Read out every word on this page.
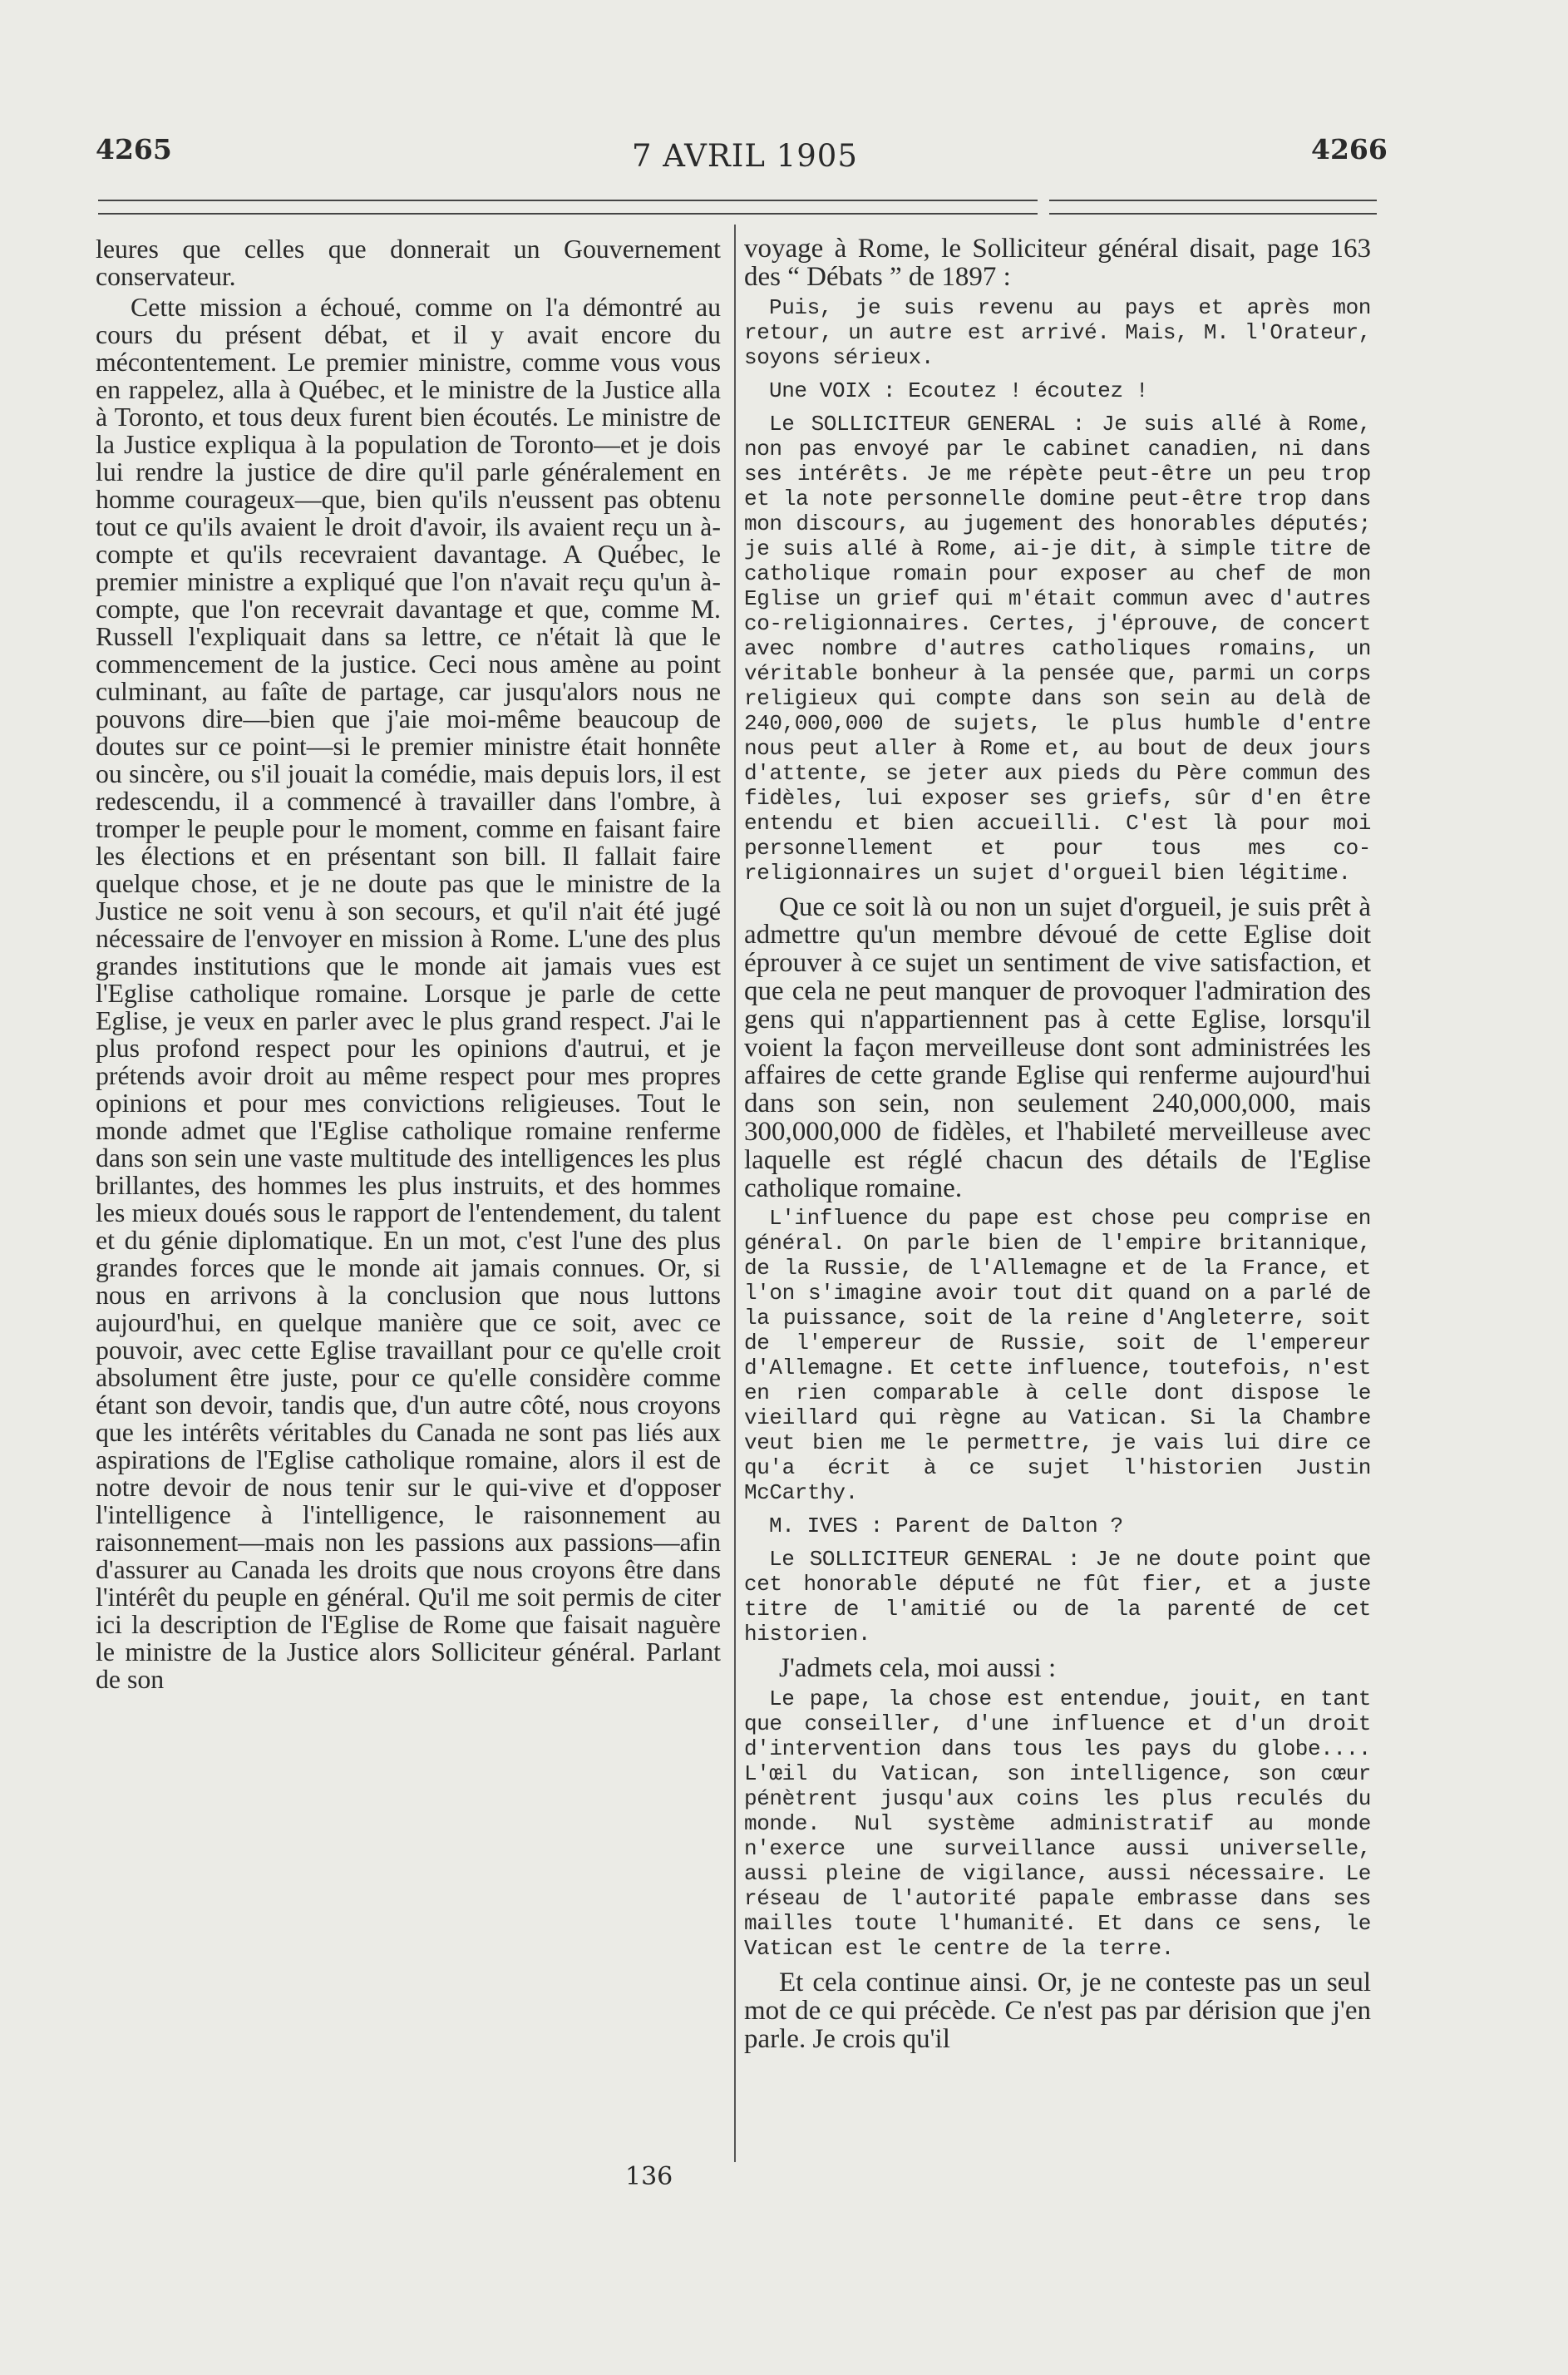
4265	7 AVRIL 1905	4266

leures que celles que donnerait un Gouvernement conservateur.

Cette mission a échoué, comme on l'a démontré au cours du présent débat, et il y avait encore du mécontentement. Le premier ministre, comme vous vous en rappelez, alla à Québec, et le ministre de la Justice alla à Toronto, et tous deux furent bien écoutés. Le ministre de la Justice expliqua à la population de Toronto—et je dois lui rendre la justice de dire qu'il parle généralement en homme courageux—que, bien qu'ils n'eussent pas obtenu tout ce qu'ils avaient le droit d'avoir, ils avaient reçu un à-compte et qu'ils recevraient davantage. A Québec, le premier ministre a expliqué que l'on n'avait reçu qu'un à-compte, que l'on recevrait davantage et que, comme M. Russell l'expliquait dans sa lettre, ce n'était là que le commencement de la justice. Ceci nous amène au point culminant, au faîte de partage, car jusqu'alors nous ne pouvons dire—bien que j'aie moi-même beaucoup de doutes sur ce point—si le premier ministre était honnête ou sincère, ou s'il jouait la comédie, mais depuis lors, il est redescendu, il a commencé à travailler dans l'ombre, à tromper le peuple pour le moment, comme en faisant faire les élections et en présentant son bill. Il fallait faire quelque chose, et je ne doute pas que le ministre de la Justice ne soit venu à son secours, et qu'il n'ait été jugé nécessaire de l'envoyer en mission à Rome. L'une des plus grandes institutions que le monde ait jamais vues est l'Eglise catholique romaine. Lorsque je parle de cette Eglise, je veux en parler avec le plus grand respect. J'ai le plus profond respect pour les opinions d'autrui, et je prétends avoir droit au même respect pour mes propres opinions et pour mes convictions religieuses. Tout le monde admet que l'Eglise catholique romaine renferme dans son sein une vaste multitude des intelligences les plus brillantes, des hommes les plus instruits, et des hommes les mieux doués sous le rapport de l'entendement, du talent et du génie diplomatique. En un mot, c'est l'une des plus grandes forces que le monde ait jamais connues. Or, si nous en arrivons à la conclusion que nous luttons aujourd'hui, en quelque manière que ce soit, avec ce pouvoir, avec cette Eglise travaillant pour ce qu'elle croit absolument être juste, pour ce qu'elle considère comme étant son devoir, tandis que, d'un autre côté, nous croyons que les intérêts véritables du Canada ne sont pas liés aux aspirations de l'Eglise catholique romaine, alors il est de notre devoir de nous tenir sur le qui-vive et d'opposer l'intelligence à l'intelligence, le raisonnement au raisonnement—mais non les passions aux passions—afin d'assurer au Canada les droits que nous croyons être dans l'intérêt du peuple en général. Qu'il me soit permis de citer ici la description de l'Eglise de Rome que faisait naguère le ministre de la Justice alors Solliciteur général. Parlant de son

voyage à Rome, le Solliciteur général disait, page 163 des “ Débats ” de 1897 :

Puis, je suis revenu au pays et après mon retour, un autre est arrivé. Mais, M. l'Orateur, soyons sérieux.

Une VOIX : Ecoutez ! écoutez !

Le SOLLICITEUR GENERAL : Je suis allé à Rome, non pas envoyé par le cabinet canadien, ni dans ses intérêts. Je me répète peut-être un peu trop et la note personnelle domine peut-être trop dans mon discours, au jugement des honorables députés; je suis allé à Rome, ai-je dit, à simple titre de catholique romain pour exposer au chef de mon Eglise un grief qui m'était commun avec d'autres co-religionnaires. Certes, j'éprouve, de concert avec nombre d'autres catholiques romains, un véritable bonheur à la pensée que, parmi un corps religieux qui compte dans son sein au delà de 240,000,000 de sujets, le plus humble d'entre nous peut aller à Rome et, au bout de deux jours d'attente, se jeter aux pieds du Père commun des fidèles, lui exposer ses griefs, sûr d'en être entendu et bien accueilli. C'est là pour moi personnellement et pour tous mes co-religionnaires un sujet d'orgueil bien légitime.

Que ce soit là ou non un sujet d'orgueil, je suis prêt à admettre qu'un membre dévoué de cette Eglise doit éprouver à ce sujet un sentiment de vive satisfaction, et que cela ne peut manquer de provoquer l'admiration des gens qui n'appartiennent pas à cette Eglise, lorsqu'il voient la façon merveilleuse dont sont administrées les affaires de cette grande Eglise qui renferme aujourd'hui dans son sein, non seulement 240,000,000, mais 300,000,000 de fidèles, et l'habileté merveilleuse avec laquelle est réglé chacun des détails de l'Eglise catholique romaine.

L'influence du pape est chose peu comprise en général. On parle bien de l'empire britannique, de la Russie, de l'Allemagne et de la France, et l'on s'imagine avoir tout dit quand on a parlé de la puissance, soit de la reine d'Angleterre, soit de l'empereur de Russie, soit de l'empereur d'Allemagne. Et cette influence, toutefois, n'est en rien comparable à celle dont dispose le vieillard qui règne au Vatican. Si la Chambre veut bien me le permettre, je vais lui dire ce qu'a écrit à ce sujet l'historien Justin McCarthy.

M. IVES : Parent de Dalton ?

Le SOLLICITEUR GENERAL : Je ne doute point que cet honorable député ne fût fier, et a juste titre de l'amitié ou de la parenté de cet historien.

J'admets cela, moi aussi :

Le pape, la chose est entendue, jouit, en tant que conseiller, d'une influence et d'un droit d'intervention dans tous les pays du globe.... L'œil du Vatican, son intelligence, son cœur pénètrent jusqu'aux coins les plus reculés du monde. Nul système administratif au monde n'exerce une surveillance aussi universelle, aussi pleine de vigilance, aussi nécessaire. Le réseau de l'autorité papale embrasse dans ses mailles toute l'humanité. Et dans ce sens, le Vatican est le centre de la terre.

Et cela continue ainsi. Or, je ne conteste pas un seul mot de ce qui précède. Ce n'est pas par dérision que j'en parle. Je crois qu'il

136
